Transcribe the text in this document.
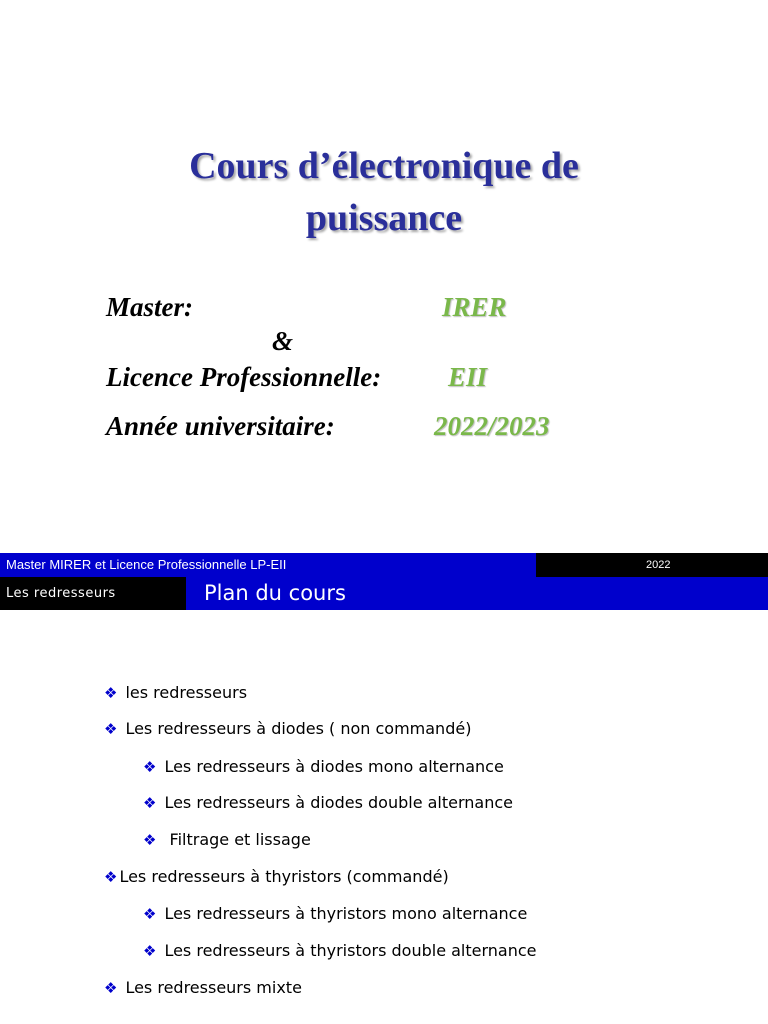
Cours d’électronique de
puissance
Master:	IRER
&
Licence Professionnelle: EII
Année universitaire:	2022/2023
Master MIRER et Licence Professionnelle LP-EII	2022
Les redresseurs	Plan du cours
❖ les redresseurs
❖ Les redresseurs à diodes ( non commandé)
❖ Les redresseurs à diodes mono alternance
❖ Les redresseurs à diodes double alternance
❖ Filtrage et lissage
❖ Les redresseurs à thyristors (commandé)
❖ Les redresseurs à thyristors mono alternance
❖ Les redresseurs à thyristors double alternance
❖ Les redresseurs mixte
